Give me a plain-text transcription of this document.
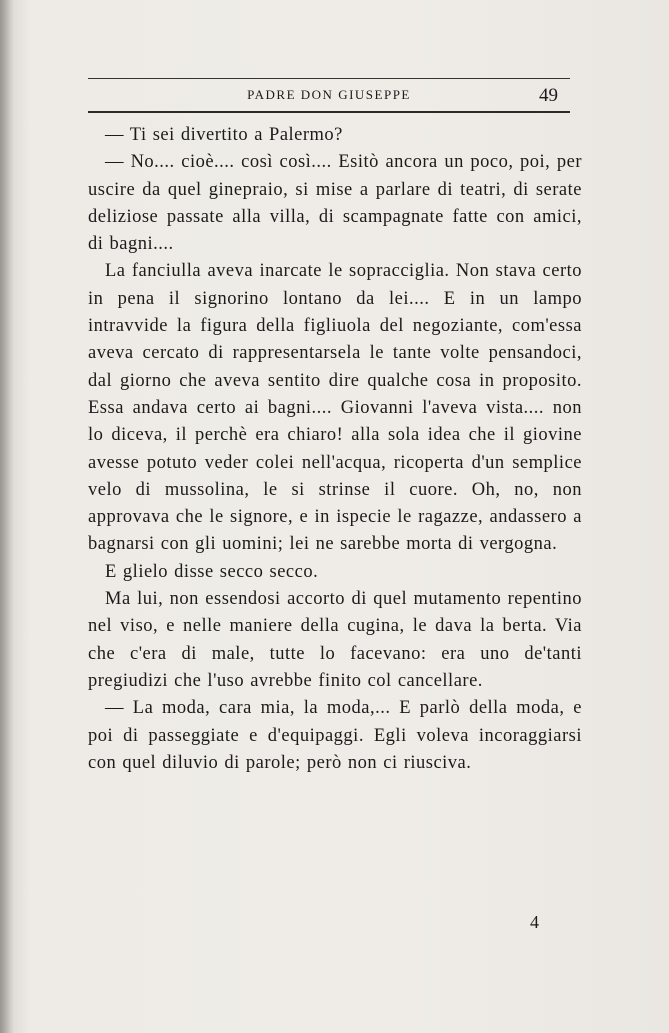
PADRE DON GIUSEPPE	49

— Ti sei divertito a Palermo?

— No.... cioè.... così così.... Esitò ancora un poco, poi, per uscire da quel ginepraio, si mise a parlare di teatri, di serate deliziose passate alla villa, di scampagnate fatte con amici, di bagni....

La fanciulla aveva inarcate le sopracciglia. Non stava certo in pena il signorino lontano da lei.... E in un lampo intravvide la figura della figliuola del negoziante, com'essa aveva cercato di rappresentarsela le tante volte pensandoci, dal giorno che aveva sentito dire qualche cosa in proposito. Essa andava certo ai bagni.... Giovanni l'aveva vista.... non lo diceva, il perchè era chiaro! alla sola idea che il giovine avesse potuto veder colei nell'acqua, ricoperta d'un semplice velo di mussolina, le si strinse il cuore. Oh, no, non approvava che le signore, e in ispecie le ragazze, andassero a bagnarsi con gli uomini; lei ne sarebbe morta di vergogna.

E glielo disse secco secco.

Ma lui, non essendosi accorto di quel mutamento repentino nel viso, e nelle maniere della cugina, le dava la berta. Via che c'era di male, tutte lo facevano: era uno de'tanti pregiudizi che l'uso avrebbe finito col cancellare.

— La moda, cara mia, la moda,... E parlò della moda, e poi di passeggiate e d'equipaggi. Egli voleva incoraggiarsi con quel diluvio di parole; però non ci riusciva.

4
